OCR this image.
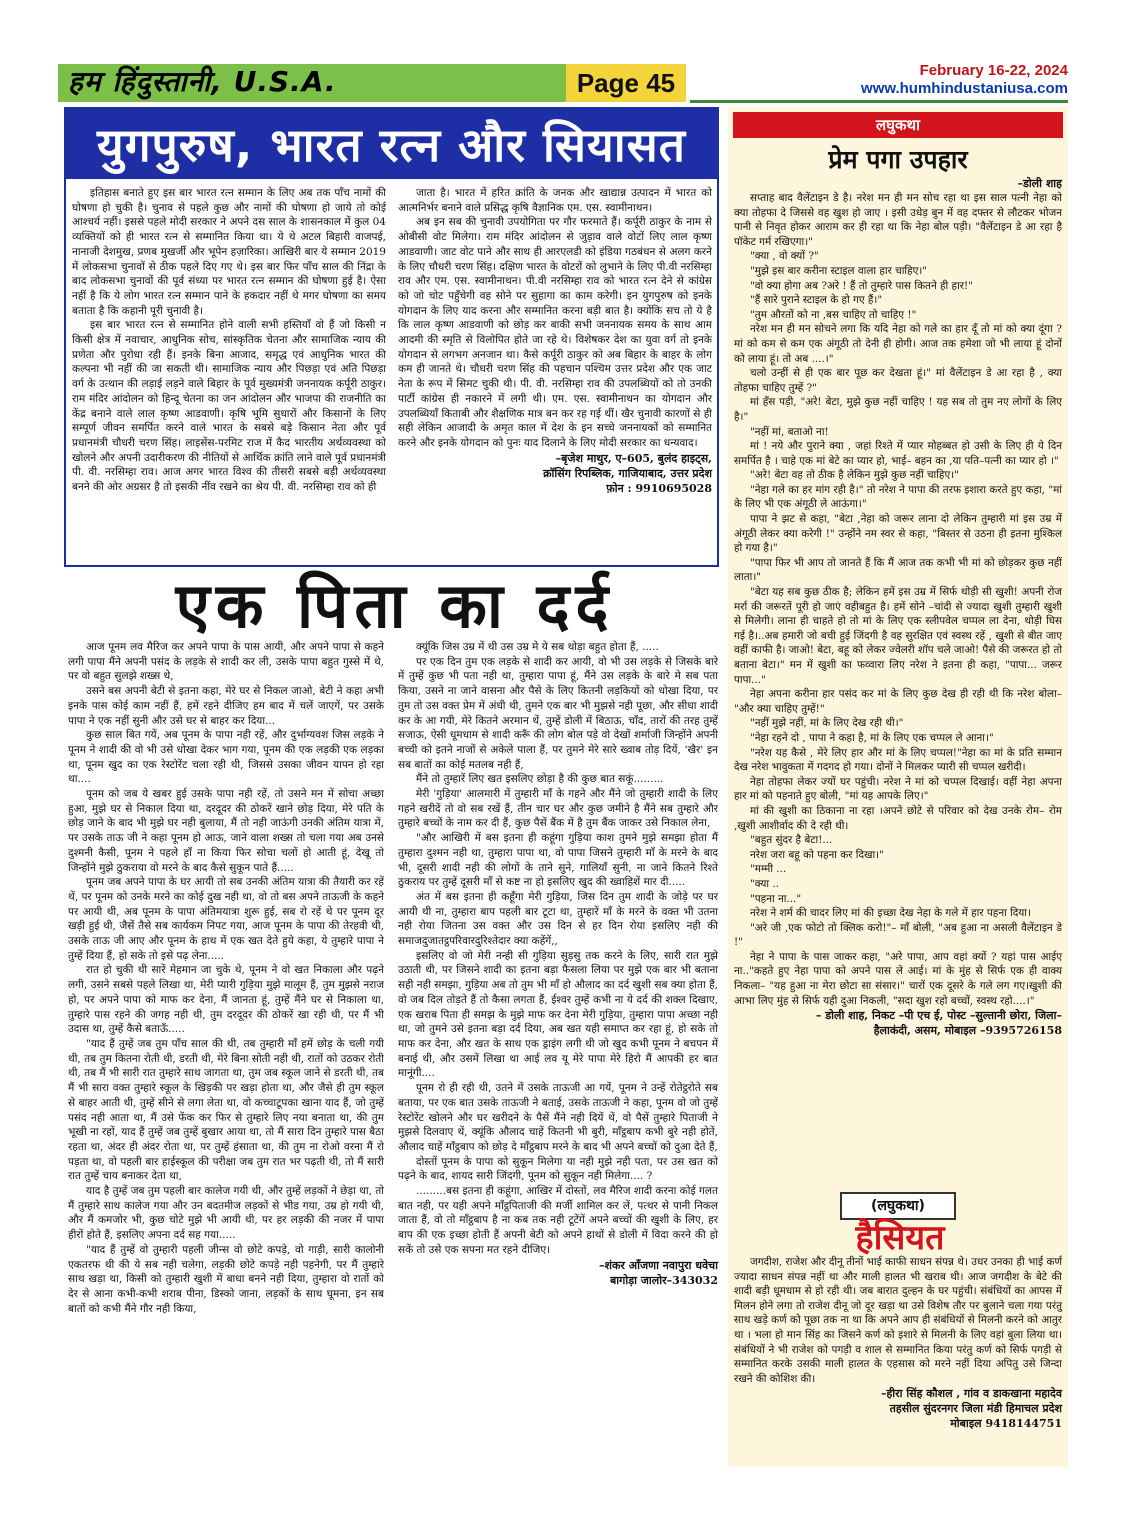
हम हिंदुस्तानी, U.S.A.	Page 45	February 16-22, 2024
www.humhindustaniusa.com
युगपुरुष, भारत रत्न और सियासत

इतिहास बनाते हुए इस बार भारत रत्न सम्मान के लिए अब तक पाँच नामों की घोषणा हो चुकी है। चुनाव से पहले कुछ और नामों की घोषणा हो जाये तो कोई आश्चर्य नहीं। इससे पहले मोदी सरकार ने अपने दस साल के शासनकाल में कुल 04 व्यक्तियों को ही भारत रत्न से सम्मानित किया था। ये थे अटल बिहारी वाजपई, नानाजी देशमुख, प्रणब मुखर्जी और भूपेन हज़ारिका। आखिरी बार ये सम्मान 2019 में लोकसभा चुनावों से ठीक पहले दिए गए थे। इस बार फिर पाँच साल की निंद्रा के बाद लोकसभा चुनावों की पूर्व संध्या पर भारत रत्न सम्मान की घोषणा हुई है। ऐसा नहीं है कि ये लोग भारत रत्न सम्मान पाने के हकदार नहीं थे मगर घोषणा का समय बताता है कि कहानी पूरी चुनावी है।

इस बार भारत रत्न से सम्मानित होने वाली सभी हस्तियाँ वो हैं जो किसी न किसी क्षेत्र में नवाचार, आधुनिक सोच, सांस्कृतिक चेतना और सामाजिक न्याय की प्रणेता और पुरोधा रही हैं। इनके बिना आजाद, समृद्ध एवं आधुनिक भारत की कल्पना भी नहीं की जा सकती थी। सामाजिक न्याय और पिछड़ा एवं अति पिछड़ा वर्ग के उत्थान की लड़ाई लड़ने वाले बिहार के पूर्व मुख्यमंत्री जननायक कर्पूरी ठाकुर। राम मंदिर आंदोलन को हिन्दू चेतना का जन आंदोलन और भाजपा की राजनीति का केंद्र बनाने वाले लाल कृष्ण आडवाणी। कृषि भूमि सुधारों और किसानों के लिए सम्पूर्ण जीवन समर्पित करने वाले भारत के सबसे बड़े किसान नेता और पूर्व प्रधानमंत्री चौधरी चरण सिंह। लाइसेंस-परमिट राज में कैद भारतीय अर्थव्यवस्था को खोलने और अपनी उदारीकरण की नीतियों से आर्थिक क्रांति लाने वाले पूर्व प्रधानमंत्री पी. वी. नरसिम्हा राव। आज अगर भारत विश्व की तीसरी सबसे बड़ी अर्थव्यवस्था बनने की ओर अग्रसर है तो इसकी नींव रखने का श्रेय पी. वी. नरसिम्हा राव को ही

जाता है। भारत में हरित क्रांति के जनक और खाद्यान्न उत्पादन में भारत को आत्मनिर्भर बनाने वाले प्रसिद्ध कृषि वैज्ञानिक एम. एस. स्वामीनाथन।

अब इन सब की चुनावी उपयोगिता पर गौर फरमाते हैं। कर्पूरी ठाकुर के नाम से ओबीसी वोट मिलेगा। राम मंदिर आंदोलन से जुड़ाव वाले वोटों लिए लाल कृष्ण आडवाणी। जाट वोट पाने और साथ ही आरएलडी को इंडिया गठबंधन से अलग करने के लिए चौधरी चरण सिंह। दक्षिण भारत के वोटरों को लुभाने के लिए पी.वी नरसिम्हा राव और एम. एस. स्वामीनाथन। पी.वी नरसिम्हा राव को भारत रत्न देने से कांग्रेस को जो चोट पहुँचेगी वह सोने पर सुहागा का काम करेगी। इन युगपुरुष को इनके योगदान के लिए याद करना और सम्मानित करना बड़ी बात है। क्योंकि सच तो ये है कि लाल कृष्ण आडवाणी को छोड़ कर बाकी सभी जननायक समय के साथ आम आदमी की स्मृति से विलोपित होते जा रहे थे। विशेषकर देश का युवा वर्ग तो इनके योगदान से लगभग अनजान था। कैसे कर्पूरी ठाकुर को अब बिहार के बाहर के लोग कम ही जानते थे। चौधरी चरण सिंह की पहचान पश्चिम उत्तर प्रदेश और एक जाट नेता के रूप में सिमट चुकी थी। पी. वी. नरसिम्हा राव की उपलब्धियों को तो उनकी पार्टी कांग्रेस ही नकारने में लगी थी। एम. एस. स्वामीनाथन का योगदान और उपलब्धियाँ किताबी और शैक्षणिक मात्र बन कर रह गई थीं। खैर चुनावी कारणों से ही सही लेकिन आजादी के अमृत काल में देश के इन सच्चे जननायकों को सम्मानित करने और इनके योगदान को पुनः याद दिलाने के लिए मोदी सरकार का धन्यवाद।

–बृजेश माथुर, ए–605, बुलंद हाइट्स,

क्रॉसिंग रिपब्लिक, गाजियाबाद, उत्तर प्रदेश

फ़ोन : 9910695028

एक पिता का दर्द

आज पूनम लव मैरिज कर अपने पापा के पास आयी, और अपने पापा से कहने लगी पापा मैंने अपनी पसंद के लड़के से शादी कर ली, उसके पापा बहुत गुस्से में थे, पर वो बहुत सुलझे शख्स थे,

उसने बस अपनी बेटी से इतना कहा, मेरे घर से निकल जाओ, बेटी ने कहा अभी इनके पास कोई काम नहीं हैं, हमें रहने दीजिए हम बाद में चलें जाएगें, पर उसके पापा ने एक नहीं सुनी और उसे घर से बाहर कर दिया...

कुछ साल बित गयें, अब पूनम के पापा नही रहें, और दुर्भाग्यवश जिस लड़के ने पूनम ने शादी की वो भी उसे धोखा देकर भाग गया, पूनम की एक लड़की एक लड़का था, पूनम खुद का एक रेस्टोरेंट चला रही थी, जिससे उसका जीवन यापन हो रहा था....

पूनम को जब ये खबर हुई उसके पापा नही रहें, तो उसने मन में सोचा अच्छा हुआ, मुझे घर से निकाल दिया था, दरदूदर की ठोकरें खाने छोड़ दिया, मेरे पति के छोड़ जाने के बाद भी मुझे घर नही बुलाया, मैं तो नही जाऊंगी उनकी अंतिम यात्रा में, पर उसके ताऊ जी ने कहा पूनम हो आऊ, जाने वाला शख्स तो चला गया अब उनसे दुश्मनी कैसी, पूनम ने पहले हाँ ना किया फिर सोचा चलों हो आती हूं, देखू तो जिन्होंने मुझे ठुकराया वो मरने के बाद कैसे सुकून पाते हैं.....

पूनम जब अपने पापा के घर आयी तो सब उनकी अंतिम यात्रा की तैयारी कर रहें थें, पर पूनम को उनके मरने का कोई दुख नही था, वो तो बस अपने ताऊजी के कहने पर आयी थी, अब पूनम के पापा अंतिमयात्रा शुरू हुई, सब रो रहें थे पर पूनम दूर खड़ी हुई थी, जैसें तैसे सब कार्यकम निपट गया, आज पूनम के पापा की तेरहवी थी, उसके ताऊ जी आए और पूनम के हाथ में एक खत देते हुये कहा, ये तुम्हारे पापा ने तुम्हें दिया हैं, हो सके तो इसे पढ़ लेना.....

रात हो चुकी थी सारें मेहमान जा चुके थे, पूनम ने वो खत निकाला और पढ़ने लगी, उसने सबसे पहले लिखा था, मेरी प्यारी गुड़िया मुझे मालूम हैं, तुम मुझसे नराज हो, पर अपने पापा को माफ कर देना, मैं जानता हूं, तुम्हें मैंने घर से निकाला था, तुम्हारे पास रहने की जगह नही थी, तुम दरदूदर की ठोकरें खा रही थी, पर मैं भी उदास था, तुम्हें कैसे बताऊँ.....

"याद हैं तुम्हें जब तुम पाँच साल की थी, तब तुम्हारी माँ हमें छोड़ के चली गयी थी, तब तुम कितना रोती थी, डरती थी, मेरे बिना सोती नही थी, रातों को उठकर रोती थी, तब मैं भी सारी रात तुम्हारे साथ जागता था, तुम जब स्कूल जाने से डरती थी, तब मैं भी सारा वक्त तुम्हारे स्कूल के खिड़की पर खड़ा होता था, और जैसे ही तुम स्कूल से बाहर आती थी, तुम्हें सीने से लगा लेता था, वो कच्चाटूपका खाना याद हैं, जो तुम्हें पसंद नही आता था, मैं उसे फेंक कर फिर से तुम्हारे लिए नया बनाता था, की तुम भूखी ना रहों, याद हैं तुम्हें जब तुम्हें बुखार आया था, तो मैं सारा दिन तुम्हारे पास बैठा रहता था, अंदर ही अंदर रोता था, पर तुम्हें हंसाता था, की तुम ना रोओ वरना मैं रो पड़ता था, वो पहली बार हाईस्कूल की परीक्षा जब तुम रात भर पढ़ती थी, तो मैं सारी रात तुम्हें चाय बनाकर देता था,

याद है तुम्हें जब तुम पहली बार कालेज गयी थी, और तुम्हें लड़कों ने छेड़ा था, तो मैं तुम्हारे साथ कालेज गया और उन बदतमीज लड़कों से भीड गया, उम्र हो गयी थी, और मैं कमजोर भी, कुछ चोटे मुझे भी आयी थी, पर हर लड़की की नजर में पापा हीरों होते हैं, इसलिए अपना दर्द सह गया.....

"याद हैं तुम्हें वो तुम्हारी पहली जीन्स वो छोटे कपड़े, वो गाड़ी, सारी कालोनी एकतरफ थी की ये सब नही चलेगा, लड़की छोटे कपड़े नही पहनेगी, पर मैं तुम्हारे साथ खड़ा था, किसी को तुम्हारी खुशी में बाधा बनने नही दिया, तुम्हारा वो रातों को देर से आना कभी-कभी शराब पीना, डिस्को जाना, लड़कों के साथ घूमना, इन सब बातों को कभी मैंने गौर नही किया,

क्यूंकि जिस उम्र में थी उस उम्र मे ये सब थोड़ा बहुत होता हैं, .....

पर एक दिन तुम एक लड़के से शादी कर आयी, वो भी उस लड़के से जिसके बारे में तुम्हें कुछ भी पता नही था, तुम्हारा पापा हूं, मैंने उस लड़के के बारे मे सब पता किया, उसने ना जाने वासना और पैसे के लिए कितनी लड़कियों को धोखा दिया, पर तुम तो उस वक्त प्रेम में अंधी थी, तुमने एक बार भी मुझसे नही पूछा, और सीधा शादी कर के आ गयी, मेरे कितने अरमान थें, तुम्हें डोली में बिठाऊ, चाँद, तारों की तरह तुम्हें सजाऊ, ऐसी धूमधाम से शादी करूँ की लोग बोल पड़े वो देखों शर्माजी जिन्होंने अपनी बच्ची को इतने नाजों से अकेले पाला हैं, पर तुमने मेरे सारे ख्वाब तोड़ दियें, 'खैर' इन सब बातों का कोई मतलब नही हैं,

मैंने तो तुम्हारें लिए खत इसलिए छोड़ा है की कुछ बात सकूं.........

मेरी 'गुड़िया' आलमारी में तुम्हारी माँ के गहने और मैंने जो तुम्हारी शादी के लिए गहने खरीदें तो वो सब रखें हैं, तीन चार घर और कुछ जमीने है मैंने सब तुम्हारे और तुम्हारे बच्चों के नाम कर दी हैं, कुछ पैसें बैंक में है तुम बैंक जाकर उसे निकाल लेना,

"और आखिरी में बस इतना ही कहूंगा गुड़िया काश तुमने मुझे समझा होता मैं तुम्हारा दुश्मन नही था, तुम्हारा पापा था, वो पापा जिसने तुम्हारी माँ के मरने के बाद भी, दूसरी शादी नही की लोगों के ताने सुने, गालियाँ सुनी, ना जाने कितने रिश्ते ठुकराय पर तुम्हें दूसरी माँ से कष्ट ना हो इसलिए खुद की ख्वाहिशें मार दी.....

अंत में बस इतना ही कहूँगा मेरी गुड़िया, जिस दिन तुम शादी के जोड़े पर घर आयी थी ना, तुम्हारा बाप पहली बार टूटा था, तुम्हारें माँ के मरने के वक्त भी उतना नही रोया जितना उस वक्त और उस दिन से हर दिन रोया इसलिए नही की समाजदुजातट्ठपरिवारदुरिश्तेदार क्या कहेंगें,,

इसलिए वो जो मेरी नन्ही सी गुड़िया सुड़सु तक करने के लिए, सारी रात मुझे उठाती थी, पर जिसने शादी का इतना बड़ा फैसला लिया पर मुझे एक बार भी बताना सही नही समझा, गुड़िया अब तो तुम भी माँ हो औलाद का दर्द खुशी सब क्या होता हैं, वो जब दिल तोड़ते हैं तो कैसा लगता हैं, ईश्वर तुम्हें कभी ना ये दर्द की शक्ल दिखाए, एक खराब पिता ही समझ के मुझे माफ कर देना मेरी गुड़िया, तुम्हारा पापा अच्छा नही था, जो तुमने उसे इतना बड़ा दर्द दिया, अब खत यही समाप्त कर रहा हूं, हो सके तो माफ कर देना, और खत के साथ एक ड्राइंग लगी थी जो खुद कभी पूनम ने बचपन में बनाई थी, और उसमें लिखा था आई लव यू मेरे पापा मेरे हिरो मैं आपकी हर बात मानूंगी....

पूनम रो ही रही थी, उतने में उसके ताऊजी आ गयें, पूनम ने उन्हें रोतेट्ठरोते सब बताया, पर एक बात उसके ताऊजी ने बताई, उसके ताऊजी ने कहा, पूनम वो जो तुम्हें रेस्टोरेंट खोलने और घर खरीदने के पैसें मैंने नही दियें थें, वो पैसें तुम्हारे पिताजी ने मुझसे दिलवाए थें, क्यूंकि औलाद चाहें कितनी भी बुरी, माँट्ठबाप कभी बुरे नही होतें, औलाद चाहें माँट्ठबाप को छोड़ दे माँट्ठबाप मरने के बाद भी अपने बच्चों को दुआ देते हैं,

दोस्तों पूनम के पापा को सुकून मिलेगा या नही मुझे नही पता, पर उस खत को पढ़ने के बाद, शायद सारी जिंदगी, पूनम को सुकून नही मिलेगा.... ?

.........बस इतना ही कहूंगा, आखिर में दोस्तों, लव मैरिज शादी करना कोई गलत बात नही, पर यही अपने माँट्ठपिताजी की मर्जी शामिल कर लें, पत्थर से पानी निकल जाता हैं, वो तो माँट्ठबाप है ना कब तक नही टूटेंगें अपने बच्चों की खुशी के लिए, हर बाप की एक इच्छा होती हैं अपनी बेटी को अपने हाथों से डोली में विदा करने की हो सकें तो उसे एक सपना मत रहने दीजिए।

–शंकर आँजणा नवापुरा धवेचा

बागोड़ा जालोर–343032

लघुकथा
प्रेम पगा उपहार

–डोली शाह

सप्ताह बाद वैलेंटाइन डे है। नरेश मन ही मन सोच रहा था इस साल पत्नी नेहा को क्या तोहफा दे जिससे वह खुश हो जाए । इसी उधेड़ बुन में वह दफ्तर से लौटकर भोजन पानी से निवृत होकर आराम कर ही रहा था कि नेहा बोल पड़ी। "वैलेंटाइन डे आ रहा है पॉकेट गर्म रखिएगा।"

"क्या , वो क्यों ?"

"मुझे इस बार करीना स्टाइल वाला हार चाहिए।"

"वो क्या होगा अब ?अरे ! हैं तो तुम्हारे पास कितने ही हार!"

"हैं सारे पुराने स्टाइल के हो गए हैं।"

"तुम औरतों को ना ,बस चाहिए तो चाहिए !"

नरेश मन ही मन सोचने लगा कि यदि नेहा को गले का हार दूँ तो मां को क्या दूंगा ? मां को कम से कम एक अंगूठी तो देनी ही होगी। आज तक हमेशा जो भी लाया हूं दोनों को लाया हूं। तो अब ....।"

चलो उन्हीं से ही एक बार पूछ कर देखता हूं।" मां वैलेंटाइन डे आ रहा है , क्या तोहफा चाहिए तुम्हें ?"

मां हँस पड़ी, "अरे! बेटा, मुझे कुछ नहीं चाहिए ! यह सब तो तुम नए लोगों के लिए है।"

"नहीं मां, बताओ ना!

मां ! नये और पुराने क्या , जहां रिश्ते में प्यार मोहब्बत हो उसी के लिए ही ये दिन समर्पित है । चाहे एक मां बेटे का प्यार हो, भाई– बहन का ,या पति–पत्नी का प्यार हो ।"

"अरे! बेटा वह तो ठीक है लेकिन मुझे कुछ नहीं चाहिए।"

"नेहा गले का हर मांग रही है।" तो नरेश ने पापा की तरफ इशारा करते हुए कहा, "मां के लिए भी एक अंगूठी ले आऊंगा।"

पापा ने झट से कहा, "बेटा ,नेहा को जरूर लाना दो लेकिन तुम्हारी मां इस उम्र में अंगूठी लेकर क्या करेगी !" उन्होंने नम स्वर से कहा, "बिस्तर से उठना ही इतना मुश्किल हो गया है।"

"पापा फिर भी आप तो जानते हैं कि मैं आज तक कभी भी मां को छोड़कर कुछ नहीं लाता।"

"बेटा यह सब कुछ ठीक है; लेकिन हमें इस उम्र में सिर्फ थोड़ी सी खुशी! अपनी रोज मर्रा की जरूरतें पूरी हो जाएं वहीबहुत है। हमें सोने –चांदी से ज्यादा खुशी तुम्हारी खुशी से मिलेगी। लाना ही चाहते हो तो मां के लिए एक स्लीपवेल चप्पल ला देना, थोड़ी घिस गई है।..अब हमारी जो बची हुई जिंदगी है वह सुरक्षित एवं स्वस्थ रहें , खुशी से बीत जाए वहीं काफी है। जाओ! बेटा, बहू को लेकर ज्वेलरी शॉप चले जाओ! पैसे की जरूरत हो तो बताना बेटा।" मन में खुशी का फव्वारा लिए नरेश ने इतना ही कहा, "पापा... जरूर पापा..."

नेहा अपना करीना हार पसंद कर मां के लिए कुछ देख ही रही थी कि नरेश बोला– "और क्या चाहिए तुम्हें!"

"नहीं मुझे नहीं, मां के लिए देख रही थी।"

"नेहा रहने दो , पापा ने कहा है, मां के लिए एक चप्पल ले आना।"

"नरेश यह कैसे , मेरे लिए हार और मां के लिए चप्पल!"नेहा का मां के प्रति सम्मान देख नरेश भावुकता में गदगद हो गया। दोनों ने मिलकर प्यारी सी चप्पल खरीदी।

नेहा तोहफा लेकर ज्यों घर पहुंची। नरेश ने मां को चप्पल दिखाई। वहीं नेहा अपना हार मां को पहनाते हुए बोली, "मां यह आपके लिए।"

मां की खुशी का ठिकाना ना रहा ।अपने छोटे से परिवार को देख उनके रोम– रोम ,खुशी आशीर्वाद की दे रही थी।

"बहुत सुंदर है बेटा!...

नरेश जरा बहू को पहना कर दिखा।"

"मम्मी ...

"क्या ..

"पहना ना..."

नरेश ने शर्म की चादर लिए मां की इच्छा देख नेहा के गले में हार पहना दिया।

"अरे जी ,एक फोटो तो क्लिक करो!"– माँ बोली, "अब हुआ ना असली वैलेंटाइन डे !"

नेहा ने पापा के पास जाकर कहा, "अरे पापा, आप वहां क्यों ? यहां पास आईए ना.."कहते हुए नेहा पापा को अपने पास ले आई। मां के मुंह से सिर्फ एक ही वाक्य निकला– "यह हुआ ना मेरा छोटा सा संसार।" चारों एक दूसरे के गले लग गए।खुशी की आभा लिए मुंह से सिर्फ यही दुआ निकली, "सदा खुश रहो बच्चों, स्वस्थ रहो....।"

– डोली शाह, निकट –पी एच ई, पोस्ट –सुल्तानी छोरा, जिला–

हैलाकंदी, असम, मोबाइल –9395726158

(लघुकथा)
हैसियत

जगदीश, राजेश और दीनू तीनों भाई काफी साधन संपन्न थे। उधर उनका ही भाई कर्ण ज्यादा साधन संपन्न नहीं था और माली हालत भी खराब थी। आज जगदीश के बेटे की शादी बड़ी धूमधाम से हो रही थी। जब बारात दुल्हन के घर पहुंची। संबंधियों का आपस में मिलन होने लगा तो राजेश दीनू जो दूर खड़ा था उसे विशेष तौर पर बुलाने चला गया परंतु साथ खड़े कर्ण को पूछा तक ना था कि अपने आप ही संबंधियों से मिलनी करने को आतुर था । भला हो मान सिंह का जिसने कर्ण को इशारे से मिलनी के लिए वहां बुला लिया था। संबंधियों ने भी राजेश को पगड़ी व शाल से सम्मानित किया परंतु कर्ण को सिर्फ पगड़ी से सम्मानित करके उसकी माली हालत के एहसास को मरने नहीं दिया अपितु उसे जिन्दा रखने की कोशिश की।

–हीरा सिंह कौशल , गांव व डाकखाना महादेव

तहसील सुंदरनगर जिला मंडी हिमाचल प्रदेश

मोबाइल 9418144751
